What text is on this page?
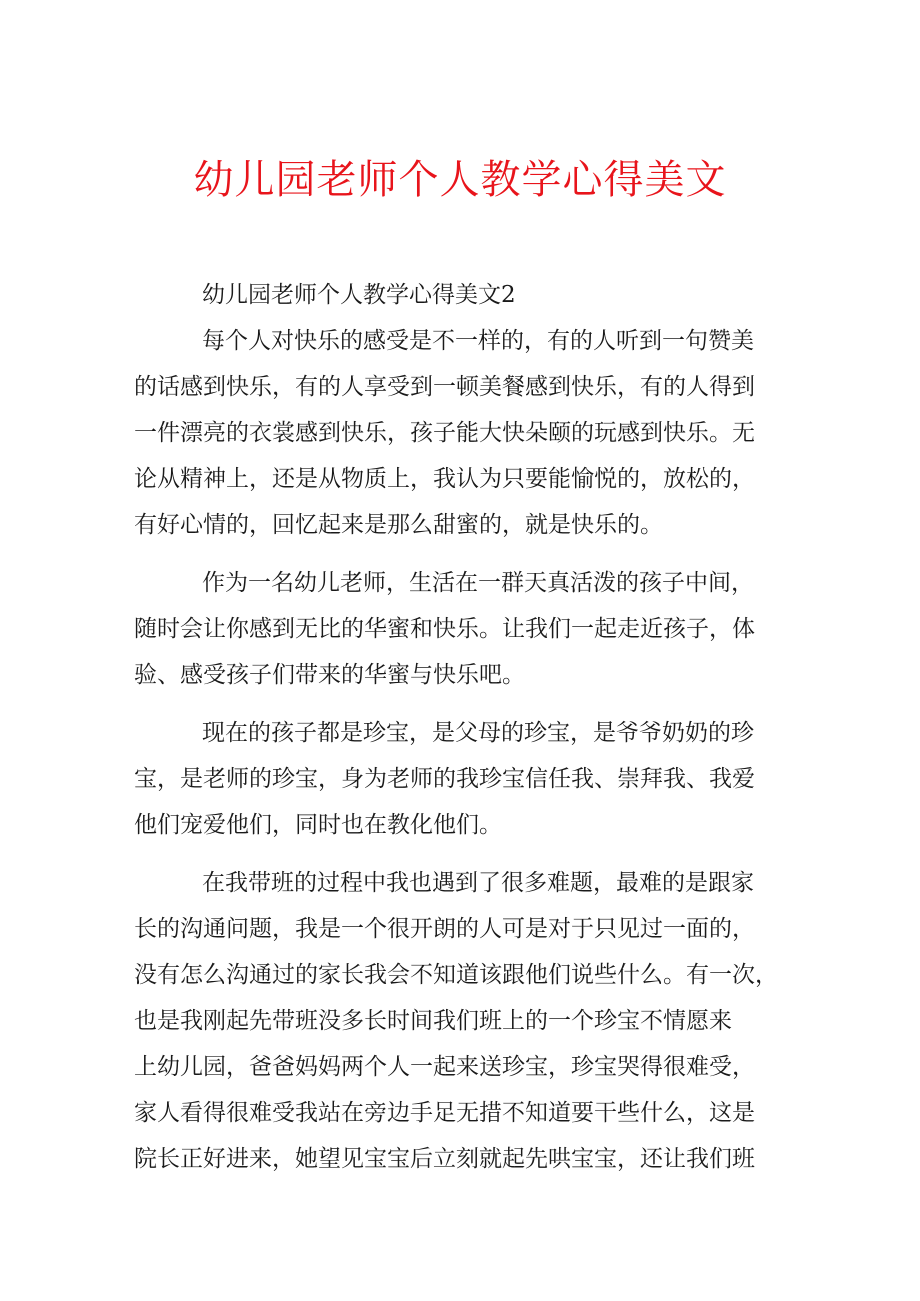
幼儿园老师个人教学心得美文
幼儿园老师个人教学心得美文2
每个人对快乐的感受是不一样的，有的人听到一句赞美
的话感到快乐，有的人享受到一顿美餐感到快乐，有的人得到
一件漂亮的衣裳感到快乐，孩子能大快朵颐的玩感到快乐。无
论从精神上，还是从物质上，我认为只要能愉悦的，放松的，
有好心情的，回忆起来是那么甜蜜的，就是快乐的。
作为一名幼儿老师，生活在一群天真活泼的孩子中间，
随时会让你感到无比的华蜜和快乐。让我们一起走近孩子，体
验、感受孩子们带来的华蜜与快乐吧。
现在的孩子都是珍宝，是父母的珍宝，是爷爷奶奶的珍
宝，是老师的珍宝，身为老师的我珍宝信任我、崇拜我、我爱
他们宠爱他们，同时也在教化他们。
在我带班的过程中我也遇到了很多难题，最难的是跟家
长的沟通问题，我是一个很开朗的人可是对于只见过一面的，
没有怎么沟通过的家长我会不知道该跟他们说些什么。有一次，
也是我刚起先带班没多长时间我们班上的一个珍宝不情愿来
上幼儿园，爸爸妈妈两个人一起来送珍宝，珍宝哭得很难受，
家人看得很难受我站在旁边手足无措不知道要干些什么，这是
院长正好进来，她望见宝宝后立刻就起先哄宝宝，还让我们班
